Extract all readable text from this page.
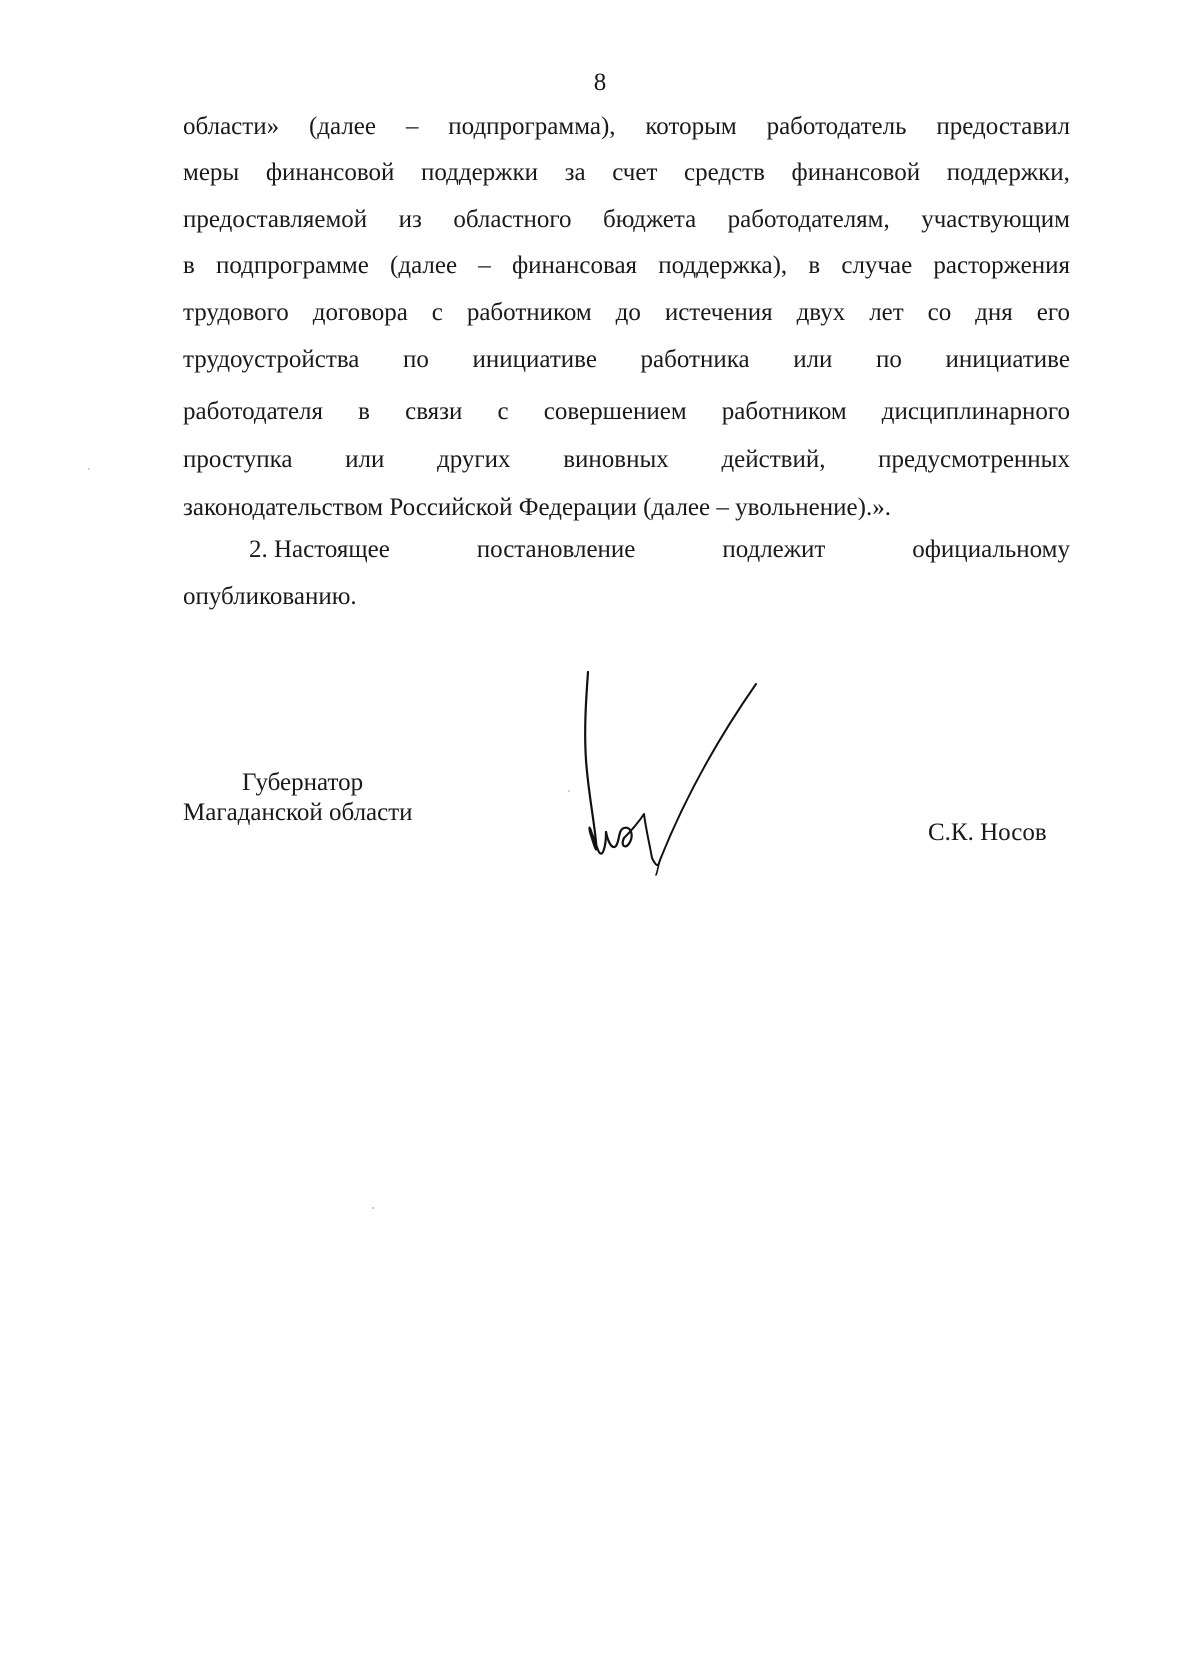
8
области» (далее – подпрограмма), которым работодатель предоставил
меры финансовой поддержки за счет средств финансовой поддержки,
предоставляемой из областного бюджета работодателям, участвующим
в подпрограмме (далее – финансовая поддержка), в случае расторжения
трудового договора с работником до истечения двух лет со дня его
трудоустройства по инициативе работника или по инициативе
работодателя в связи с совершением работником дисциплинарного
проступка или других виновных действий, предусмотренных
законодательством Российской Федерации (далее – увольнение).».
2. Настоящее	постановление	подлежит	официальному
опубликованию.
Губернатор
Магаданской области
С.К. Носов
